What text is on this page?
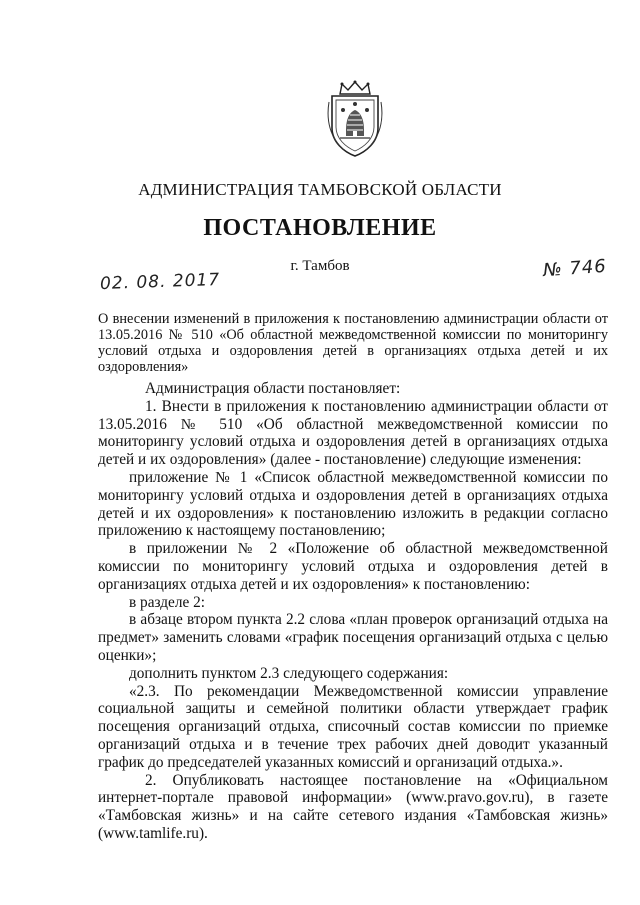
АДМИНИСТРАЦИЯ ТАМБОВСКОЙ ОБЛАСТИ
ПОСТАНОВЛЕНИЕ
г. Тамбов
02. 08. 2017
№ 746
О внесении изменений в приложения к постановлению администрации области от 13.05.2016 № 510 «Об областной межведомственной комиссии по мониторингу условий отдыха и оздоровления детей в организациях отдыха детей и их оздоровления»

Администрация области постановляет:

1. Внести в приложения к постановлению администрации области от 13.05.2016 № 510 «Об областной межведомственной комиссии по мониторингу условий отдыха и оздоровления детей в организациях отдыха детей и их оздоровления» (далее - постановление) следующие изменения:

приложение № 1 «Список областной межведомственной комиссии по мониторингу условий отдыха и оздоровления детей в организациях отдыха детей и их оздоровления» к постановлению изложить в редакции согласно приложению к настоящему постановлению;

в приложении № 2 «Положение об областной межведомственной комиссии по мониторингу условий отдыха и оздоровления детей в организациях отдыха детей и их оздоровления» к постановлению:

в разделе 2:

в абзаце втором пункта 2.2 слова «план проверок организаций отдыха на предмет» заменить словами «график посещения организаций отдыха с целью оценки»;

дополнить пунктом 2.3 следующего содержания:

«2.3. По рекомендации Межведомственной комиссии управление социальной защиты и семейной политики области утверждает график посещения организаций отдыха, списочный состав комиссии по приемке организаций отдыха и в течение трех рабочих дней доводит указанный график до председателей указанных комиссий и организаций отдыха.».

2. Опубликовать настоящее постановление на «Официальном интернет-портале правовой информации» (www.pravo.gov.ru), в газете «Тамбовская жизнь» и на сайте сетевого издания «Тамбовская жизнь» (www.tamlife.ru).
